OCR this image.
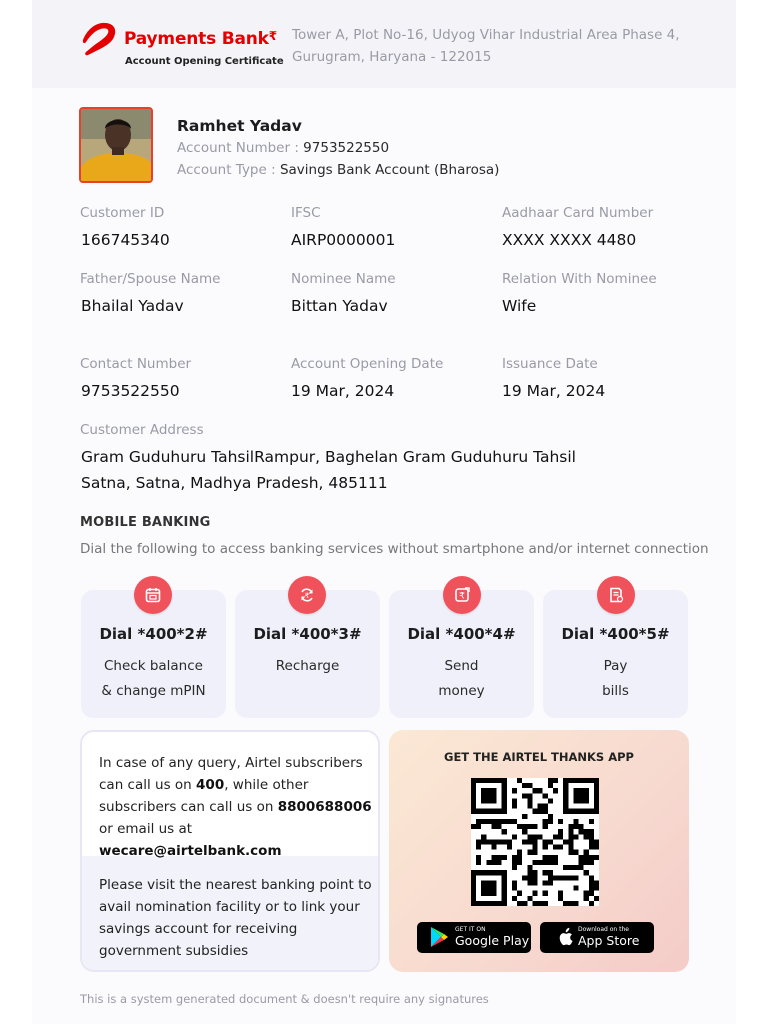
Payments Bank₹
Account Opening Certificate
Tower A, Plot No-16, Udyog Vihar Industrial Area Phase 4,
Gurugram, Haryana - 122015
Ramhet Yadav
Account Number : 9753522550
Account Type : Savings Bank Account (Bharosa)
Customer ID
166745340
IFSC
AIRP0000001
Aadhaar Card Number
XXXX XXXX 4480
Father/Spouse Name
Bhailal Yadav
Nominee Name
Bittan Yadav
Relation With Nominee
Wife
Contact Number
9753522550
Account Opening Date
19 Mar, 2024
Issuance Date
19 Mar, 2024
Customer Address
Gram Guduhuru TahsilRampur, Baghelan Gram Guduhuru Tahsil
Satna, Satna, Madhya Pradesh, 485111
MOBILE BANKING
Dial the following to access banking services without smartphone and/or internet connection
Dial *400*2#
Check balance
& change mPIN
Dial *400*3#
Recharge
Dial *400*4#
Send
money
Dial *400*5#
Pay
bills
₹	₹
In case of any query, Airtel subscribers
can call us on 400, while other
subscribers can call us on 8800688006
or email us at wecare@airtelbank.com
Please visit the nearest banking point to
avail nomination facility or to link your
savings account for receiving
government subsidies
GET THE AIRTEL THANKS APP
GET IT ON
Google Play
Download on the
App Store
This is a system generated document & doesn't require any signatures
